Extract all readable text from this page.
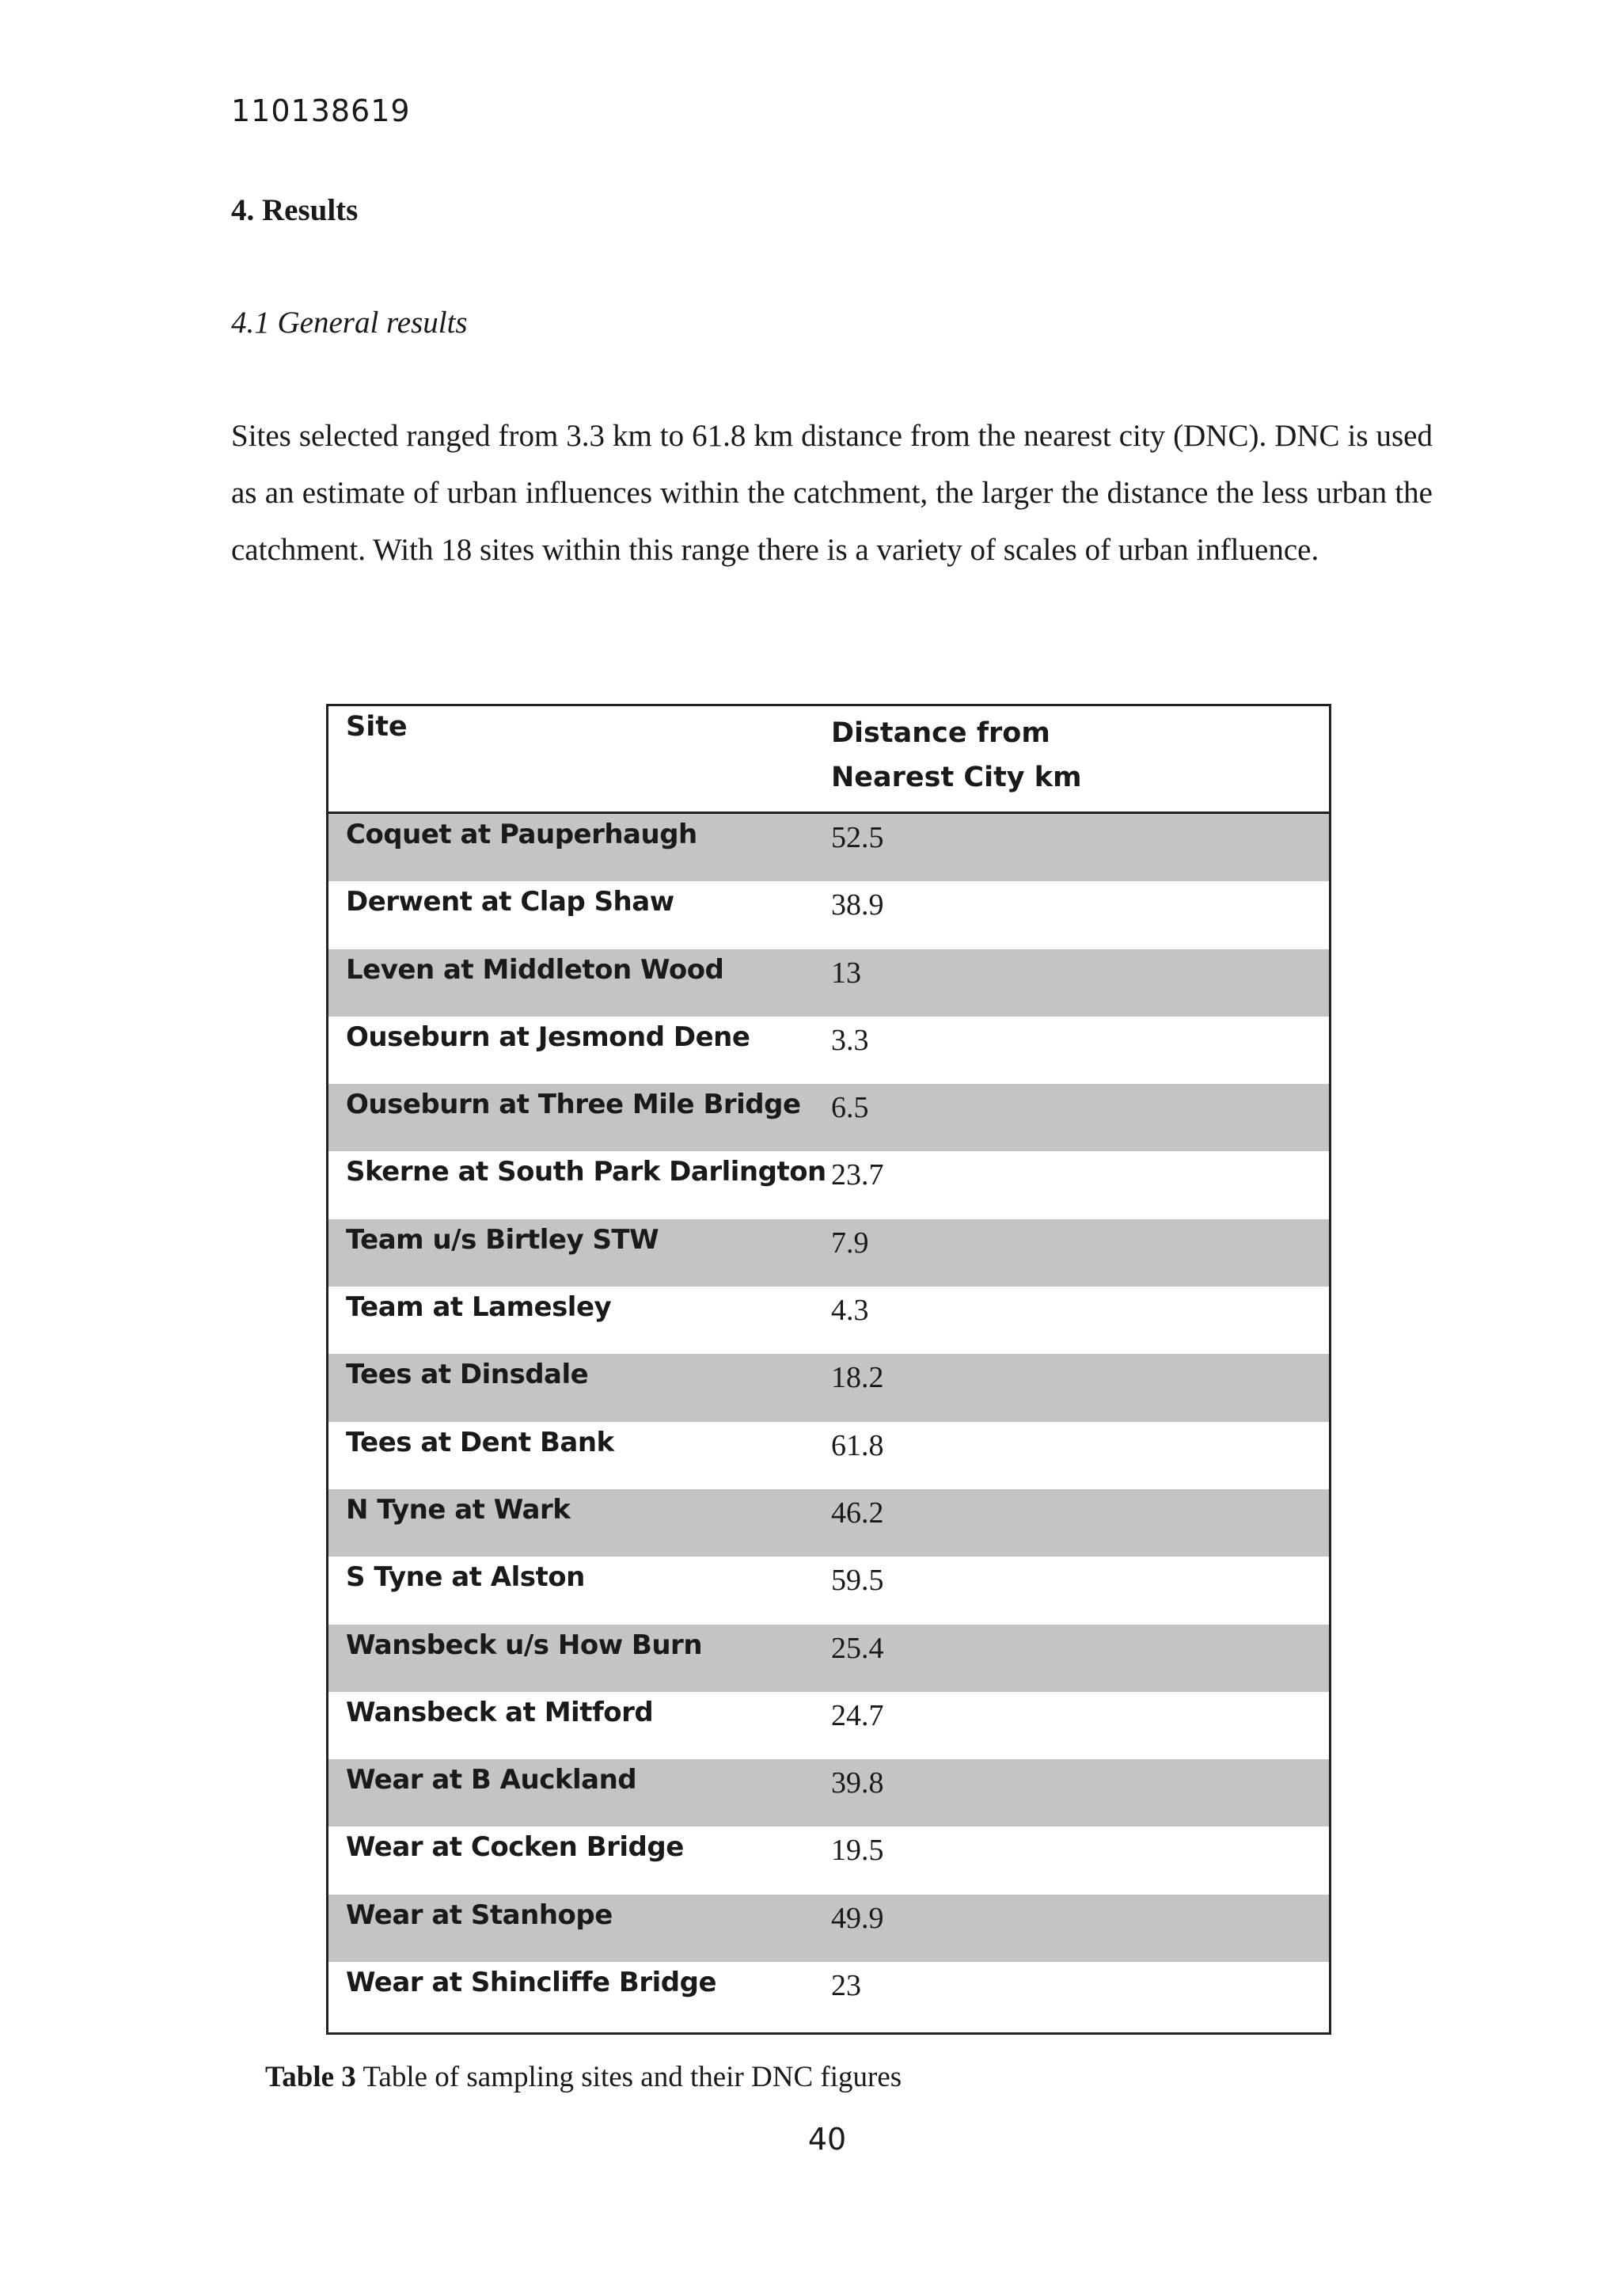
110138619
4. Results
4.1 General results

Sites selected ranged from 3.3 km to 61.8 km distance from the nearest city (DNC). DNC is used as an estimate of urban influences within the catchment, the larger the distance the less urban the catchment. With 18 sites within this range there is a variety of scales of urban influence.

Site	Distance from
Nearest City km
Coquet at Pauperhaugh	52.5
Derwent at Clap Shaw	38.9
Leven at Middleton Wood	13
Ouseburn at Jesmond Dene	3.3
Ouseburn at Three Mile Bridge 6.5
Skerne at South Park Darlington 23.7
Team u/s Birtley STW	7.9
Team at Lamesley	4.3
Tees at Dinsdale	18.2
Tees at Dent Bank	61.8
N Tyne at Wark	46.2
S Tyne at Alston	59.5
Wansbeck u/s How Burn	25.4
Wansbeck at Mitford	24.7
Wear at B Auckland	39.8
Wear at Cocken Bridge	19.5
Wear at Stanhope	49.9
Wear at Shincliffe Bridge	23
Table 3 Table of sampling sites and their DNC figures
40
